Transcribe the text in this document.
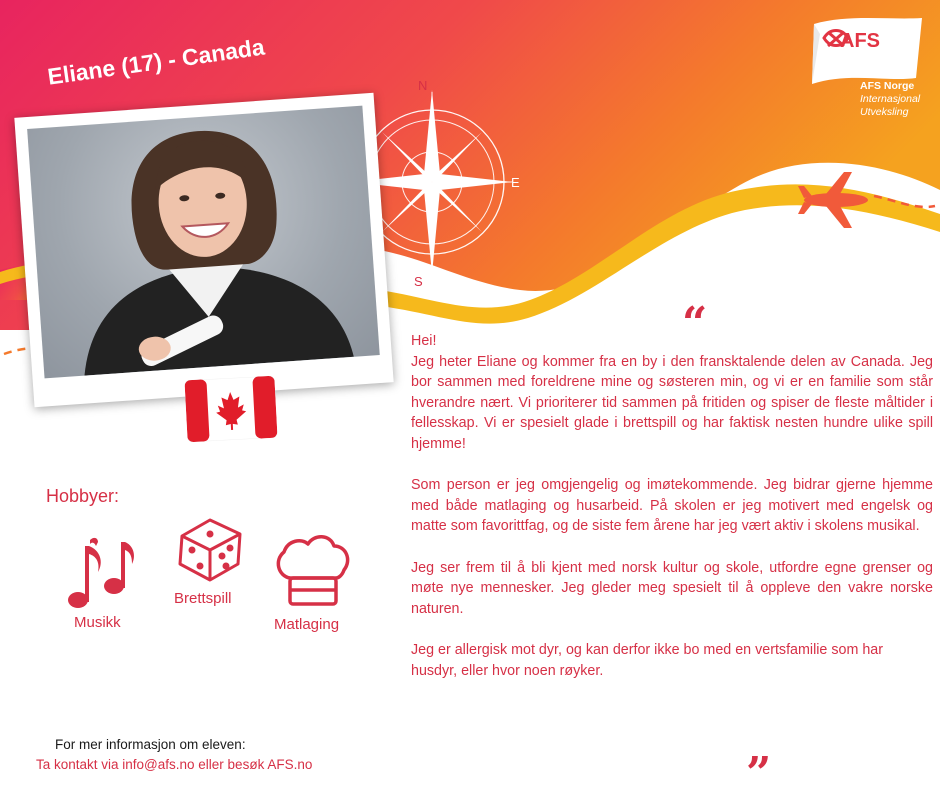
N
E
S
AFS
AFS Norge
Internasjonal
Utveksling
Eliane (17) - Canada
Hobbyer:
Musikk
Brettspill
Matlaging
“
”

Hei!
Jeg heter Eliane og kommer fra en by i den fransktalende delen av Canada. Jeg bor sammen med foreldrene mine og søsteren min, og vi er en familie som står hverandre nært. Vi prioriterer tid sammen på fritiden og spiser de fleste måltider i fellesskap. Vi er spesielt glade i brettspill og har faktisk nesten hundre ulike spill hjemme!

Som person er jeg omgjengelig og imøtekommende. Jeg bidrar gjerne hjemme med både matlaging og husarbeid. På skolen er jeg motivert med engelsk og matte som favorittfag, og de siste fem årene har jeg vært aktiv i skolens musikal.

Jeg ser frem til å bli kjent med norsk kultur og skole, utfordre egne grenser og møte nye mennesker. Jeg gleder meg spesielt til å oppleve den vakre norske naturen.

Jeg er allergisk mot dyr, og kan derfor ikke bo med en vertsfamilie som har husdyr, eller hvor noen røyker.

For mer informasjon om eleven:
Ta kontakt via info@afs.no eller besøk AFS.no
